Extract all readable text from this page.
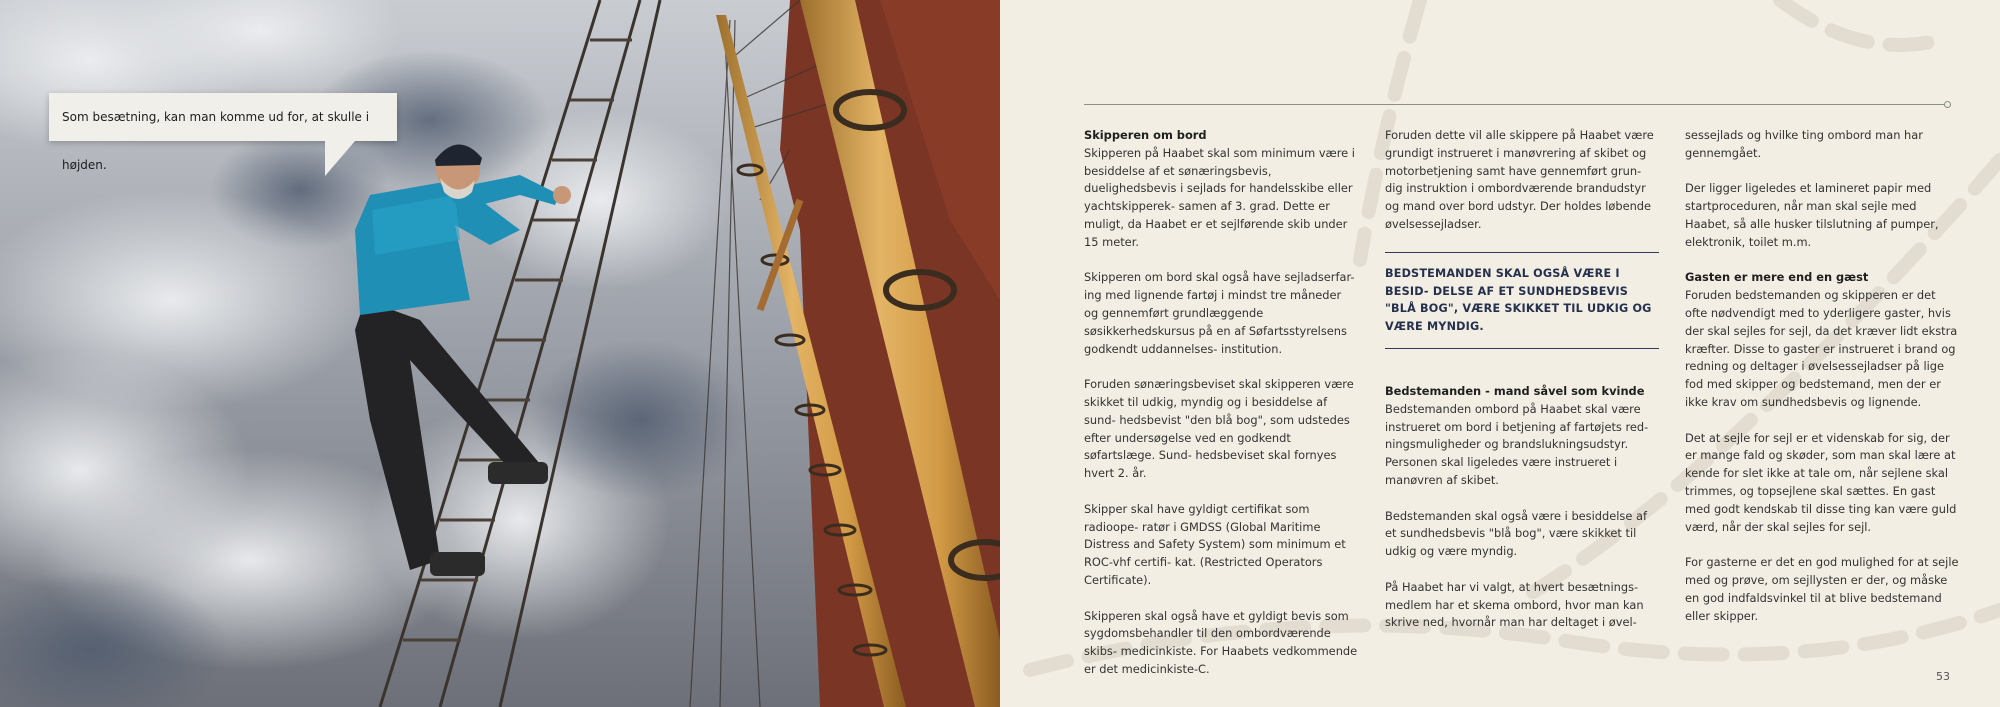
Som besætning, kan man komme ud for, at skulle i højden.
Skipperen om bord

Skipperen på Haabet skal som minimum være i besiddelse af et sønæringsbevis, duelighedsbevis i sejlads for handelsskibe eller yachtskipperek- samen af 3. grad. Dette er muligt, da Haabet er et sejlførende skib under 15 meter.

Skipperen om bord skal også have sejladserfar- ing med lignende fartøj i mindst tre måneder og gennemført grundlæggende søsikkerhedskursus på en af Søfartsstyrelsens godkendt uddannelses- institution.

Foruden sønæringsbeviset skal skipperen være skikket til udkig, myndig og i besiddelse af sund- hedsbevist "den blå bog", som udstedes efter undersøgelse ved en godkendt søfartslæge. Sund- hedsbeviset skal fornyes hvert 2. år.

Skipper skal have gyldigt certifikat som radioope- ratør i GMDSS (Global Maritime Distress and Safety System) som minimum et ROC-vhf certifi- kat. (Restricted Operators Certificate).

Skipperen skal også have et gyldigt bevis som sygdomsbehandler til den ombordværende skibs- medicinkiste. For Haabets vedkommende er det medicinkiste-C.

Foruden dette vil alle skippere på Haabet være grundigt instrueret i manøvrering af skibet og motorbetjening samt have gennemført grun- dig instruktion i ombordværende brandudstyr og mand over bord udstyr. Der holdes løbende øvelsessejladser.

BEDSTEMANDEN SKAL OGSÅ VÆRE I BESID- DELSE AF ET SUNDHEDSBEVIS "BLÅ BOG", VÆRE SKIKKET TIL UDKIG OG VÆRE MYNDIG.
Bedstemanden - mand såvel som kvinde

Bedstemanden ombord på Haabet skal være instrueret om bord i betjening af fartøjets red- ningsmuligheder og brandslukningsudstyr. Personen skal ligeledes være instrueret i manøvren af skibet.

Bedstemanden skal også være i besiddelse af et sundhedsbevis "blå bog", være skikket til udkig og være myndig.

På Haabet har vi valgt, at hvert besætnings- medlem har et skema ombord, hvor man kan skrive ned, hvornår man har deltaget i øvel-

sessejlads og hvilke ting ombord man har gennemgået.

Der ligger ligeledes et lamineret papir med startproceduren, når man skal sejle med Haabet, så alle husker tilslutning af pumper, elektronik, toilet m.m.

Gasten er mere end en gæst

Foruden bedstemanden og skipperen er det ofte nødvendigt med to yderligere gaster, hvis der skal sejles for sejl, da det kræver lidt ekstra kræfter. Disse to gaster er instrueret i brand og redning og deltager i øvelsessejladser på lige fod med skipper og bedstemand, men der er ikke krav om sundhedsbevis og lignende.

Det at sejle for sejl er et videnskab for sig, der er mange fald og skøder, som man skal lære at kende for slet ikke at tale om, når sejlene skal trimmes, og topsejlene skal sættes. En gast med godt kendskab til disse ting kan være guld værd, når der skal sejles for sejl.

For gasterne er det en god mulighed for at sejle med og prøve, om sejllysten er der, og måske en god indfaldsvinkel til at blive bedstemand eller skipper.

53
